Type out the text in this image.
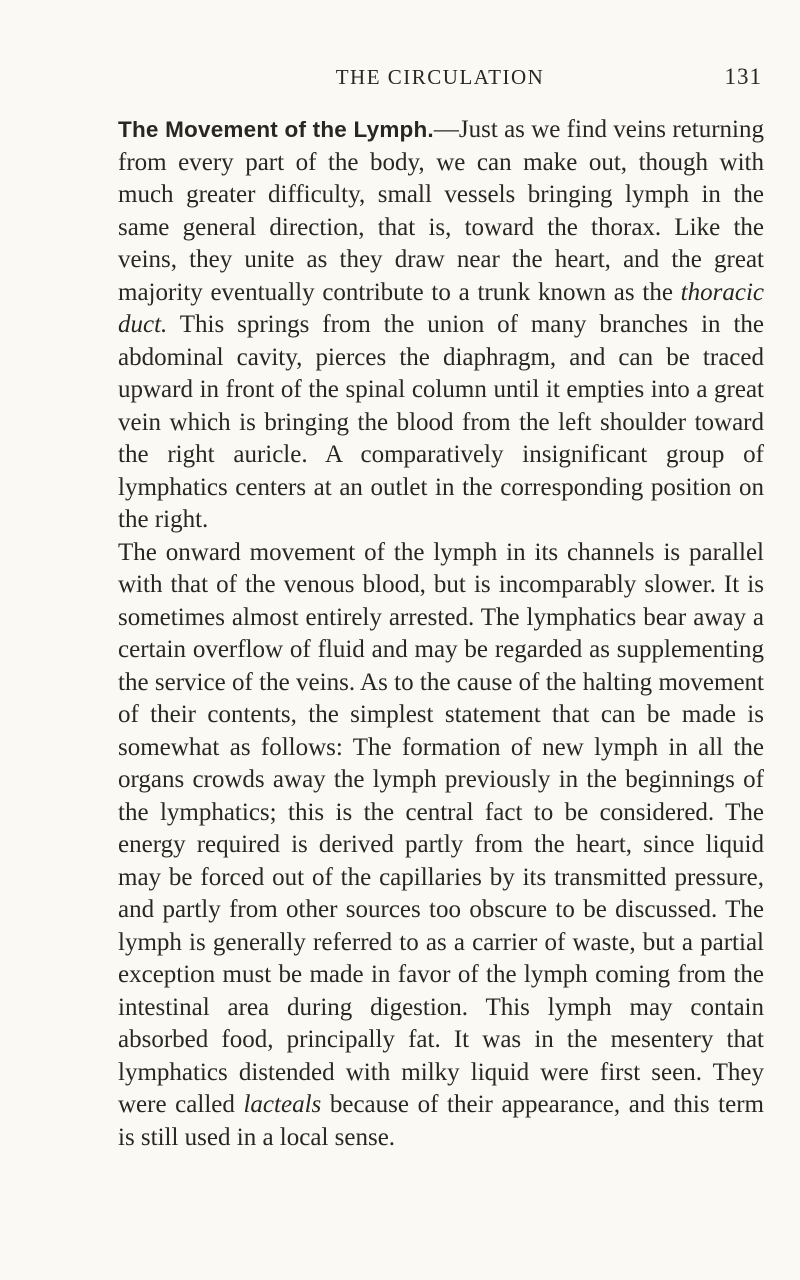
THE CIRCULATION	131

The Movement of the Lymph.—Just as we find veins returning from every part of the body, we can make out, though with much greater difficulty, small vessels bringing lymph in the same general direction, that is, toward the thorax. Like the veins, they unite as they draw near the heart, and the great majority eventually contribute to a trunk known as the thoracic duct. This springs from the union of many branches in the abdominal cavity, pierces the diaphragm, and can be traced upward in front of the spinal column until it empties into a great vein which is bringing the blood from the left shoulder toward the right auricle. A comparatively insignificant group of lymphatics centers at an outlet in the corresponding position on the right.

The onward movement of the lymph in its channels is parallel with that of the venous blood, but is incomparably slower. It is sometimes almost entirely arrested. The lymphatics bear away a certain overflow of fluid and may be regarded as supplementing the service of the veins. As to the cause of the halting movement of their contents, the simplest statement that can be made is somewhat as follows: The formation of new lymph in all the organs crowds away the lymph previously in the beginnings of the lymphatics; this is the central fact to be considered. The energy required is derived partly from the heart, since liquid may be forced out of the capillaries by its transmitted pressure, and partly from other sources too obscure to be discussed. The lymph is generally referred to as a carrier of waste, but a partial exception must be made in favor of the lymph coming from the intestinal area during digestion. This lymph may contain absorbed food, principally fat. It was in the mesentery that lymphatics distended with milky liquid were first seen. They were called lacteals because of their appearance, and this term is still used in a local sense.
